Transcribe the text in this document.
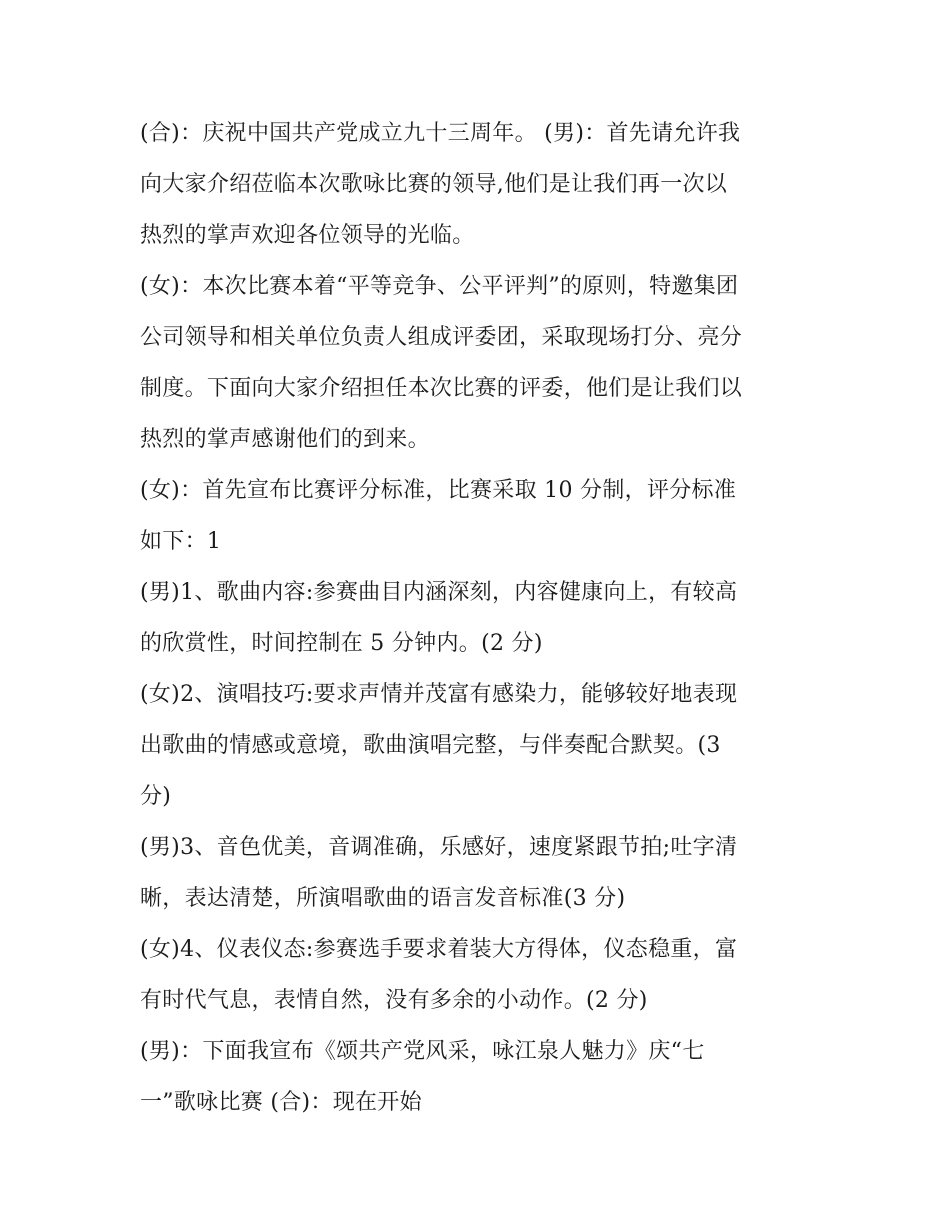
(合)：庆祝中国共产党成立九十三周年。 (男)：首先请允许我
向大家介绍莅临本次歌咏比赛的领导,他们是让我们再一次以
热烈的掌声欢迎各位领导的光临。
(女)：本次比赛本着“平等竞争、公平评判”的原则，特邀集团
公司领导和相关单位负责人组成评委团，采取现场打分、亮分
制度。下面向大家介绍担任本次比赛的评委，他们是让我们以
热烈的掌声感谢他们的到来。
(女)：首先宣布比赛评分标准，比赛采取 10 分制，评分标准
如下：1
(男)1、歌曲内容:参赛曲目内涵深刻，内容健康向上，有较高
的欣赏性，时间控制在 5 分钟内。(2 分)
(女)2、演唱技巧:要求声情并茂富有感染力，能够较好地表现
出歌曲的情感或意境，歌曲演唱完整，与伴奏配合默契。(3
分)
(男)3、音色优美，音调准确，乐感好，速度紧跟节拍;吐字清
晰，表达清楚，所演唱歌曲的语言发音标准(3 分)
(女)4、仪表仪态:参赛选手要求着装大方得体，仪态稳重，富
有时代气息，表情自然，没有多余的小动作。(2 分)
(男)：下面我宣布《颂共产党风采，咏江泉人魅力》庆“七
一”歌咏比赛 (合)：现在开始
